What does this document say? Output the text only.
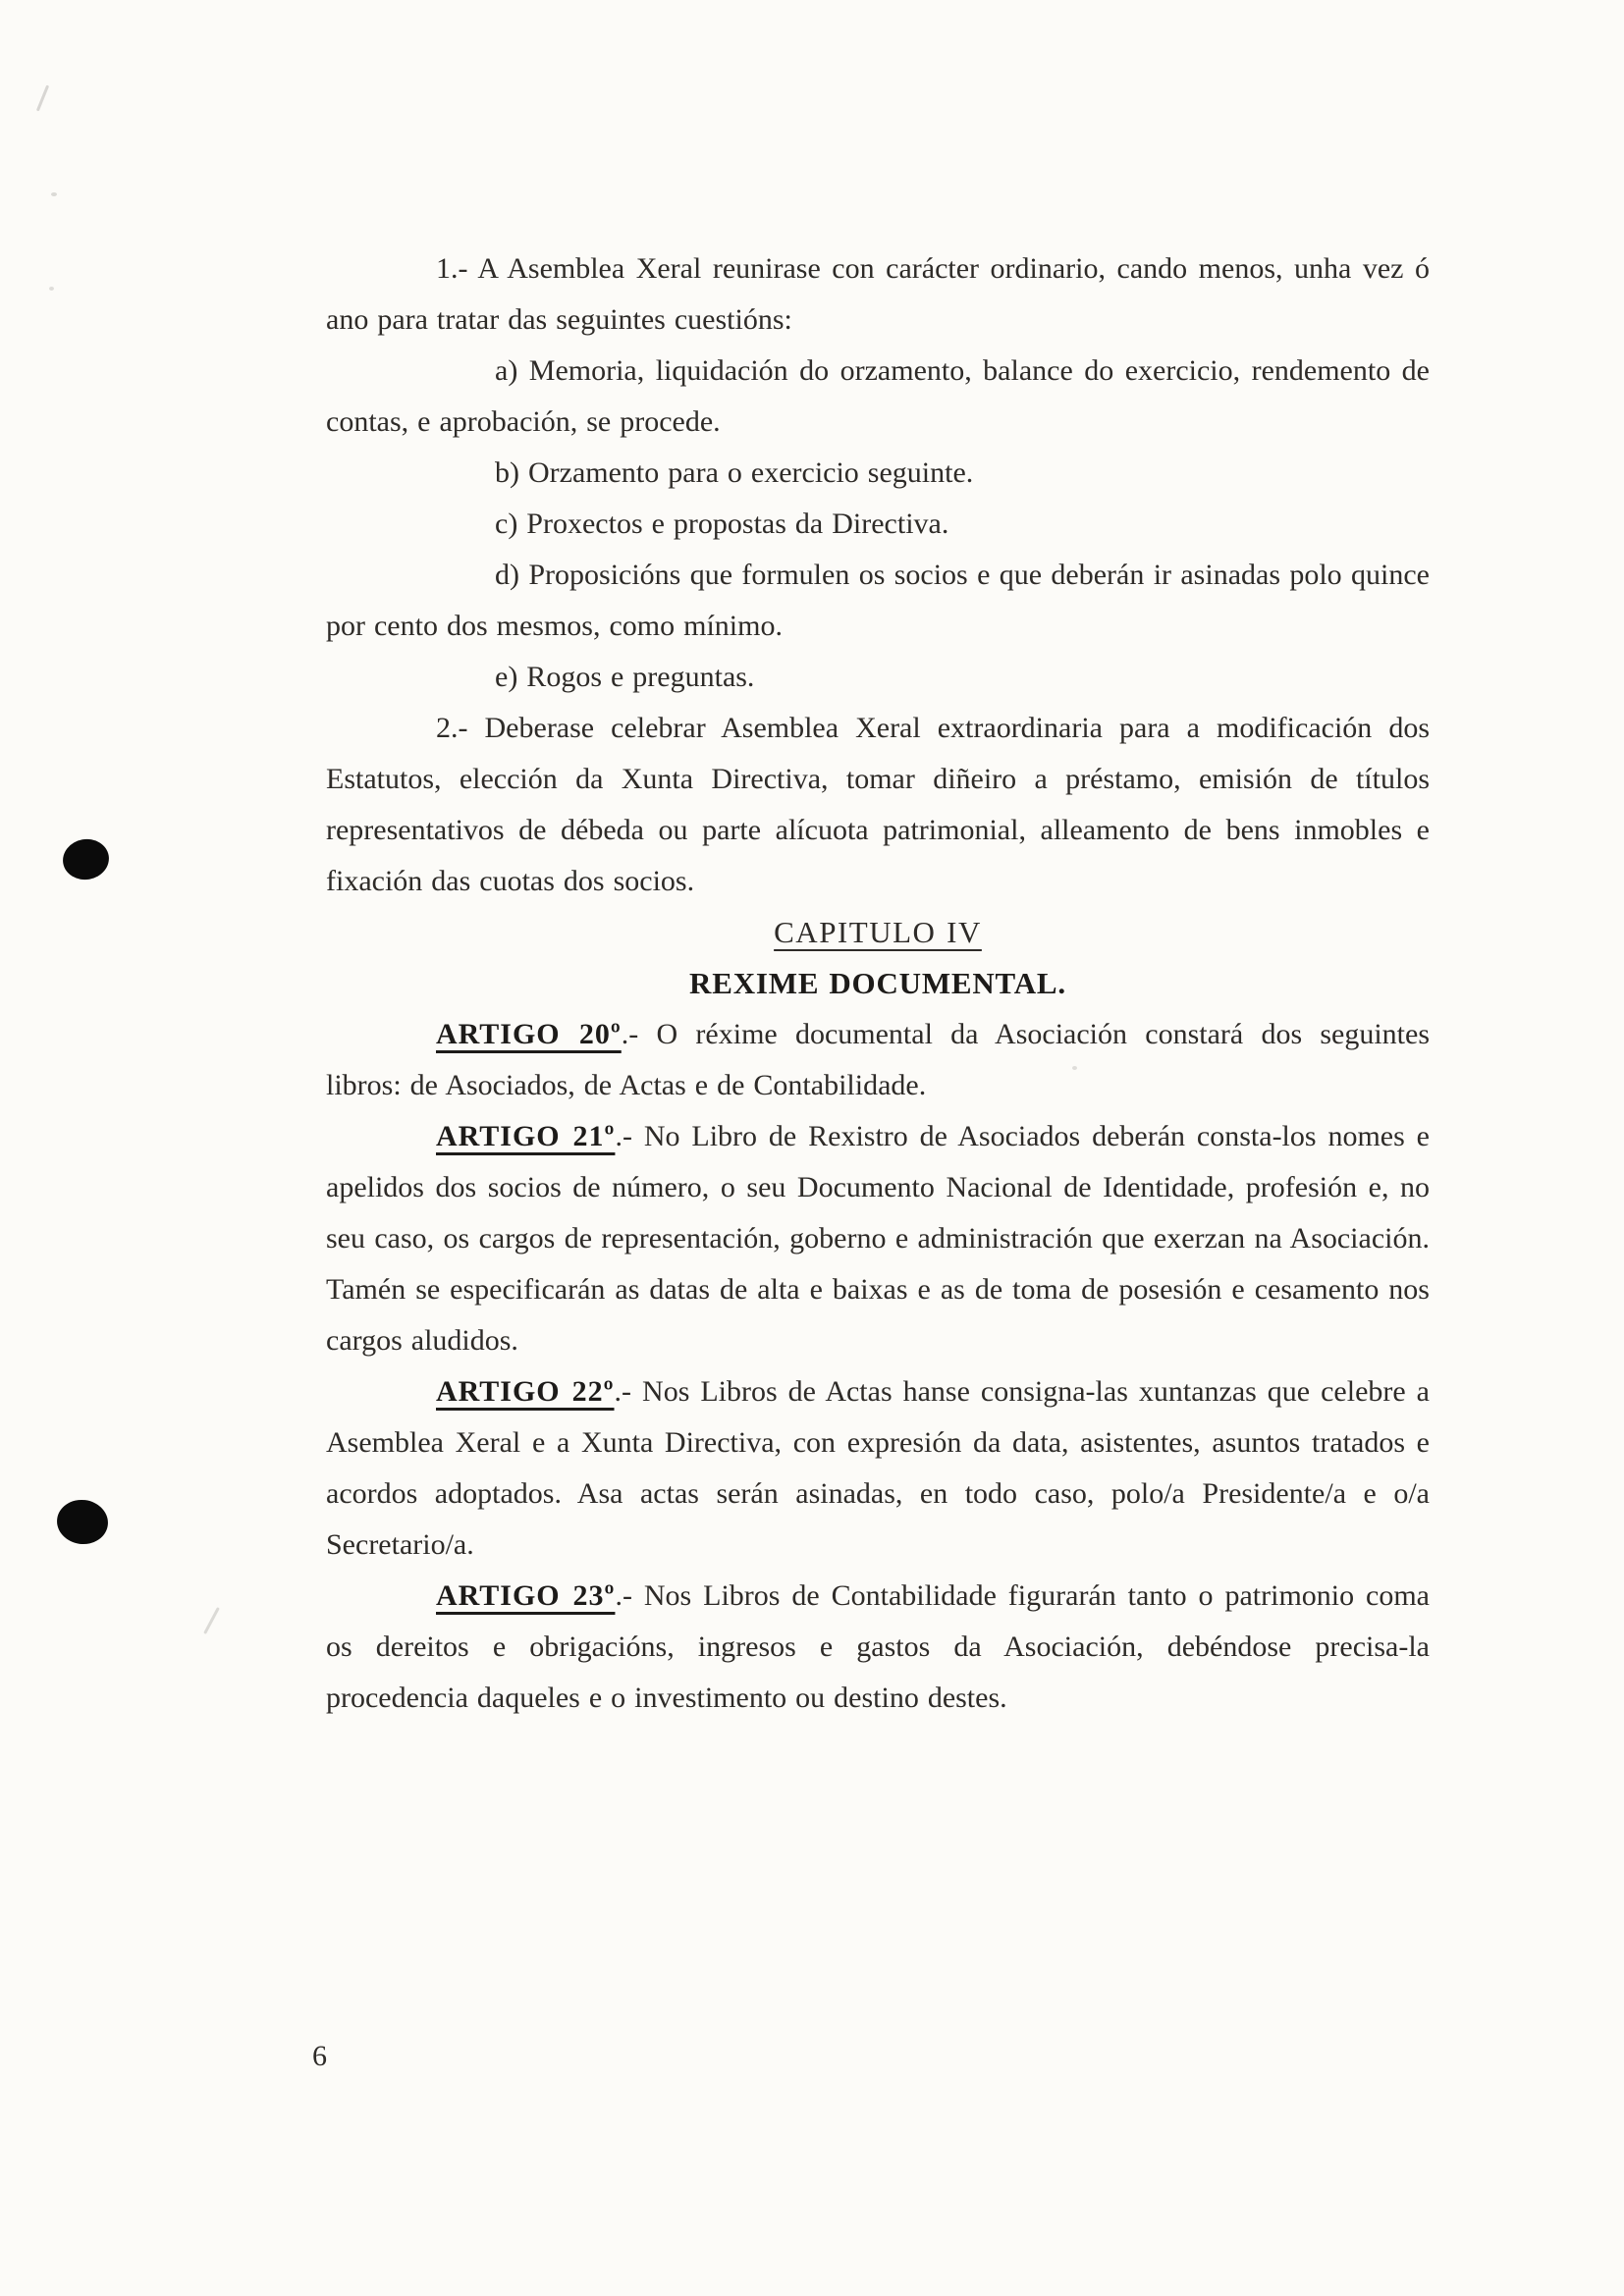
1.- A Asemblea Xeral reunirase con carácter ordinario, cando menos, unha vez ó ano para tratar das seguintes cuestións:

a) Memoria, liquidación do orzamento, balance do exercicio, rendemento de contas, e aprobación, se procede.

b) Orzamento para o exercicio seguinte.

c) Proxectos e propostas da Directiva.

d) Proposicións que formulen os socios e que deberán ir asinadas polo quince por cento dos mesmos, como mínimo.

e) Rogos e preguntas.

2.- Deberase celebrar Asemblea Xeral extraordinaria para a modificación dos Estatutos, elección da Xunta Directiva, tomar diñeiro a préstamo, emisión de títulos representativos de débeda ou parte alícuota patrimonial, alleamento de bens inmobles e fixación das cuotas dos socios.

CAPITULO IV

REXIME DOCUMENTAL.

ARTIGO 20º.- O réxime documental da Asociación constará dos seguintes libros: de Asociados, de Actas e de Contabilidade.

ARTIGO 21º.- No Libro de Rexistro de Asociados deberán consta-los nomes e apelidos dos socios de número, o seu Documento Nacional de Identidade, profesión e, no seu caso, os cargos de representación, goberno e administración que exerzan na Asociación. Tamén se especificarán as datas de alta e baixas e as de toma de posesión e cesamento nos cargos aludidos.

ARTIGO 22º.- Nos Libros de Actas hanse consigna-las xuntanzas que celebre a Asemblea Xeral e a Xunta Directiva, con expresión da data, asistentes, asuntos tratados e acordos adoptados. Asa actas serán asinadas, en todo caso, polo/a Presidente/a e o/a Secretario/a.

ARTIGO 23º.- Nos Libros de Contabilidade figurarán tanto o patrimonio coma os dereitos e obrigacións, ingresos e gastos da Asociación, debéndose precisa-la procedencia daqueles e o investimento ou destino destes.

6
